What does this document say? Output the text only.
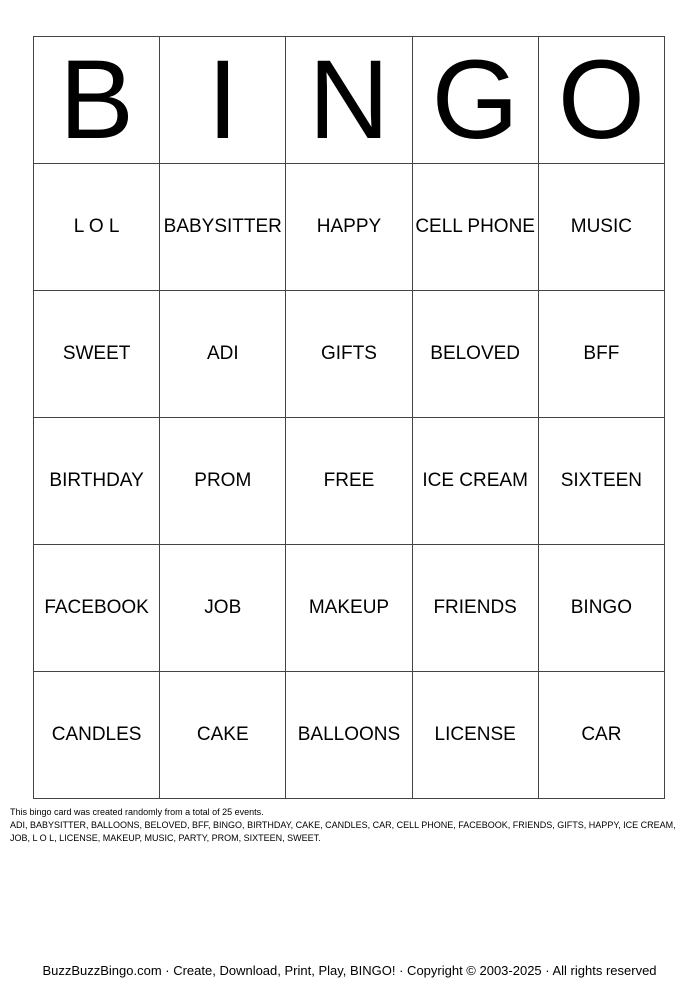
B	I	N	G	O
L O L	BABYSITTER	HAPPY	CELL PHONE	MUSIC
SWEET	ADI	GIFTS	BELOVED	BFF
BIRTHDAY	PROM	FREE	ICE CREAM	SIXTEEN
FACEBOOK	JOB	MAKEUP	FRIENDS	BINGO
CANDLES	CAKE	BALLOONS	LICENSE	CAR
This bingo card was created randomly from a total of 25 events.
ADI, BABYSITTER, BALLOONS, BELOVED, BFF, BINGO, BIRTHDAY, CAKE, CANDLES, CAR, CELL PHONE, FACEBOOK, FRIENDS, GIFTS, HAPPY, ICE CREAM, JOB, L O L, LICENSE, MAKEUP, MUSIC, PARTY, PROM, SIXTEEN, SWEET.
BuzzBuzzBingo.com · Create, Download, Print, Play, BINGO! · Copyright © 2003-2025 · All rights reserved
